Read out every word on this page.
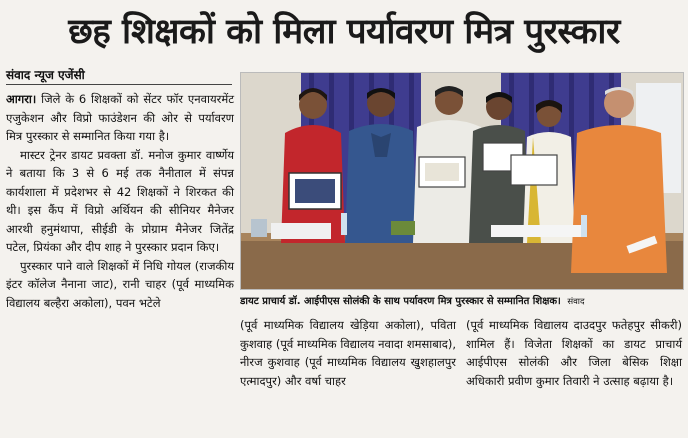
छह शिक्षकों को मिला पर्यावरण मित्र पुरस्कार
संवाद न्यूज एजेंसी

आगरा। जिले के 6 शिक्षकों को सेंटर फॉर एनवायरमेंट एजुकेशन और विप्रो फाउंडेशन की ओर से पर्यावरण मित्र पुरस्कार से सम्मानित किया गया है।

मास्टर ट्रेनर डायट प्रवक्ता डॉ. मनोज कुमार वार्ष्णेय ने बताया कि 3 से 6 मई तक नैनीताल में संपन्न कार्यशाला में प्रदेशभर से 42 शिक्षकों ने शिरकत की थी। इस कैंप में विप्रो अर्थियन की सीनियर मैनेजर आरथी हनुमंथापा, सीईडी के प्रोग्राम मैनेजर जितेंद्र पटेल, प्रियंका और दीप शाह ने पुरस्कार प्रदान किए।

पुरस्कार पाने वाले शिक्षकों में निधि गोयल (राजकीय इंटर कॉलेज नैनाना जाट), रानी चाहर (पूर्व माध्यमिक विद्यालय बल्हैरा अकोला), पवन भटेले	डायट प्राचार्य डॉ. आईपीएस सोलंकी के साथ पर्यावरण मित्र पुरस्कार से सम्मानित शिक्षक। संवाद

(पूर्व माध्यमिक विद्यालय खेड़िया अकोला), पविता कुशवाह (पूर्व माध्यमिक विद्यालय नवादा शमसाबाद), नीरज कुशवाह (पूर्व माध्यमिक विद्यालय खुशहालपुर एत्मादपुर) और वर्षा चाहर

(पूर्व माध्यमिक विद्यालय दाउदपुर फतेहपुर सीकरी) शामिल हैं। विजेता शिक्षकों का डायट प्राचार्य आईपीएस सोलंकी और जिला बेसिक शिक्षा अधिकारी प्रवीण कुमार तिवारी ने उत्साह बढ़ाया है।
